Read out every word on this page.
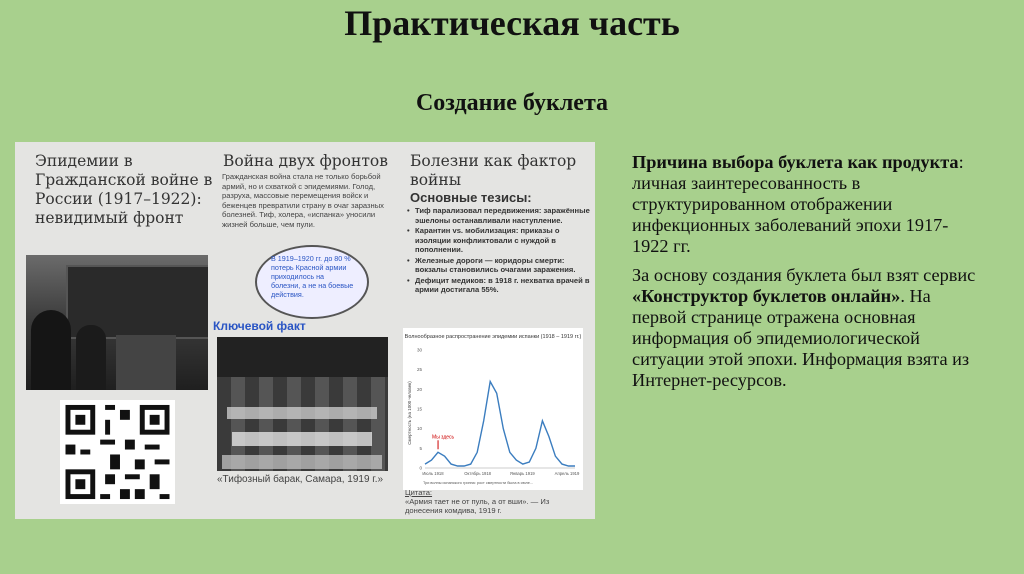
Практическая часть
Создание буклета
Эпидемии в Гражданской войне в России (1917–1922): невидимый фронт
Война двух фронтов
Гражданская война стала не только борьбой армий, но и схваткой с эпидемиями. Голод, разруха, массовые перемещения войск и беженцев превратили страну в очаг заразных болезней. Тиф, холера, «испанка» уносили жизней больше, чем пули.
В 1919–1920 гг. до 80 % потерь Красной армии приходилось на болезни, а не на боевые действия.
Ключевой факт
«Тифозный барак, Самара, 1919 г.»
Болезни как фактор войны
Основные тезисы:
• Тиф парализовал передвижения: заражённые эшелоны останавливали наступление.
• Карантин vs. мобилизация: приказы о изоляции конфликтовали с нуждой в пополнении.
• Железные дороги — коридоры смерти: вокзалы становились очагами заражения.
• Дефицит медиков: в 1918 г. нехватка врачей в армии достигала 55%.
Волнообразное распространение эпидемии испанки (1918 – 1919 гг.)
Смертность (на 1000 человек)
0
5
10
15
20
25
30
Июль 1918	Октябрь 1918	Январь 1919	Апрель 1919
Мы здесь
Три волны испанского гриппа: рост смертности была в июле...
Цитата:
«Армия тает не от пуль, а от вши». — Из донесения комдива, 1919 г.

Причина выбора буклета как продукта: личная заинтересованность в структурированном отображении инфекционных заболеваний эпохи 1917-1922 гг.

За основу создания буклета был взят сервис «Конструктор буклетов онлайн». На первой странице отражена основная информация об эпидемиологической ситуации этой эпохи. Информация взята из Интернет-ресурсов.
